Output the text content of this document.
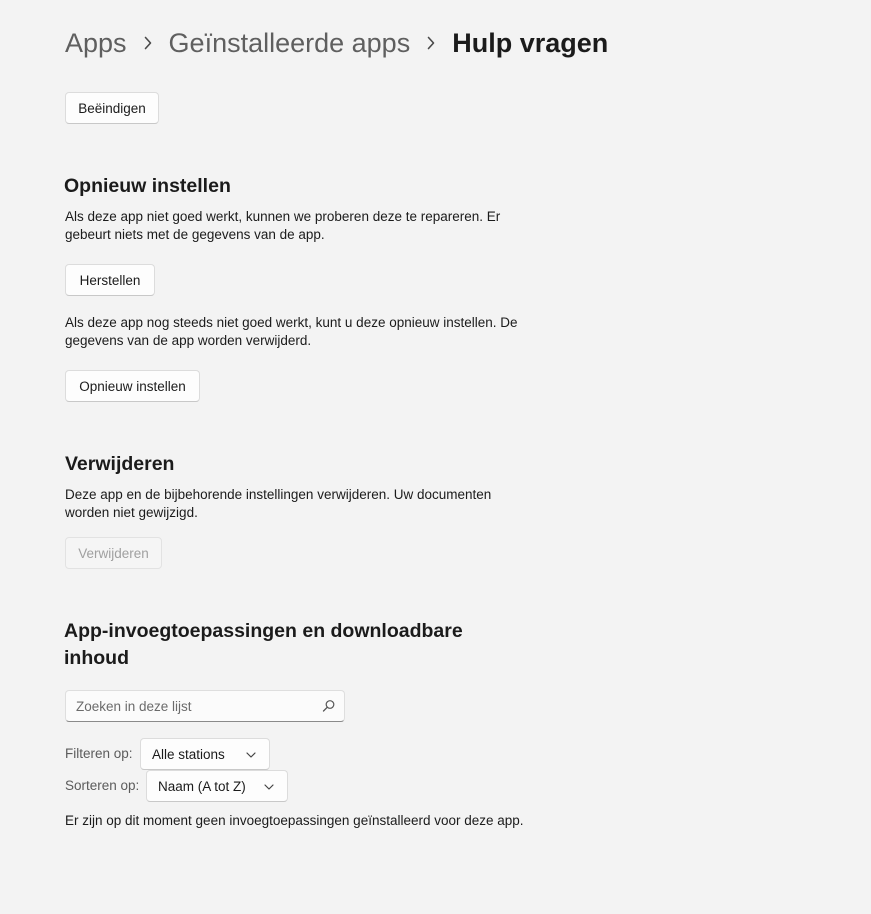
Apps Geïnstalleerde apps Hulp vragen
Beëindigen
Opnieuw instellen
Als deze app niet goed werkt, kunnen we proberen deze te repareren. Er gebeurt niets met de gegevens van de app.
Herstellen
Als deze app nog steeds niet goed werkt, kunt u deze opnieuw instellen. De gegevens van de app worden verwijderd.
Opnieuw instellen
Verwijderen
Deze app en de bijbehorende instellingen verwijderen. Uw documenten worden niet gewijzigd.
Verwijderen
App-invoegtoepassingen en downloadbare inhoud
Zoeken in deze lijst
Filteren op: Alle stations
Sorteren op: Naam (A tot Z)
Er zijn op dit moment geen invoegtoepassingen geïnstalleerd voor deze app.
